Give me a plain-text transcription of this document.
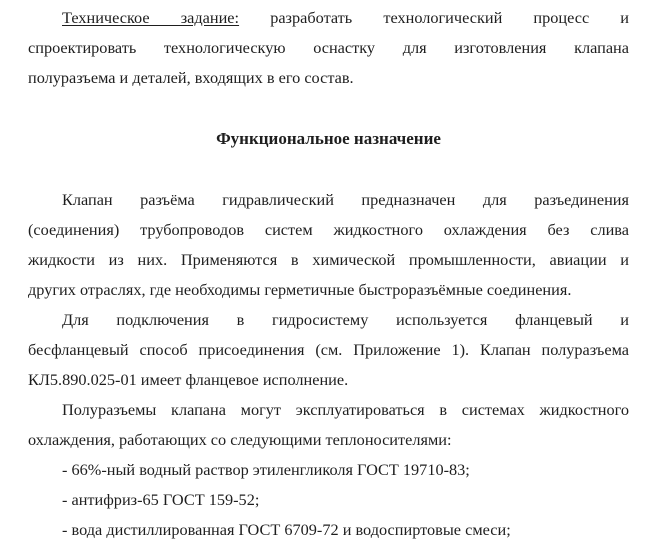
Техническое задание: разработать технологический процесс и
спроектировать технологическую оснастку для изготовления клапана
полуразъема и деталей, входящих в его состав.
Функциональное назначение
Клапан разъёма гидравлический предназначен для разъединения
(соединения) трубопроводов систем жидкостного охлаждения без слива
жидкости из них. Применяются в химической промышленности, авиации и
других отраслях, где необходимы герметичные быстроразъёмные соединения.
Для подключения в гидросистему используется фланцевый и
бесфланцевый способ присоединения (см. Приложение 1). Клапан полуразъема
КЛ5.890.025-01 имеет фланцевое исполнение.
Полуразъемы клапана могут эксплуатироваться в системах жидкостного
охлаждения, работающих со следующими теплоносителями:
- 66%-ный водный раствор этиленгликоля ГОСТ 19710-83;
- антифриз-65 ГОСТ 159-52;
- вода дистиллированная ГОСТ 6709-72 и водоспиртовые смеси;
